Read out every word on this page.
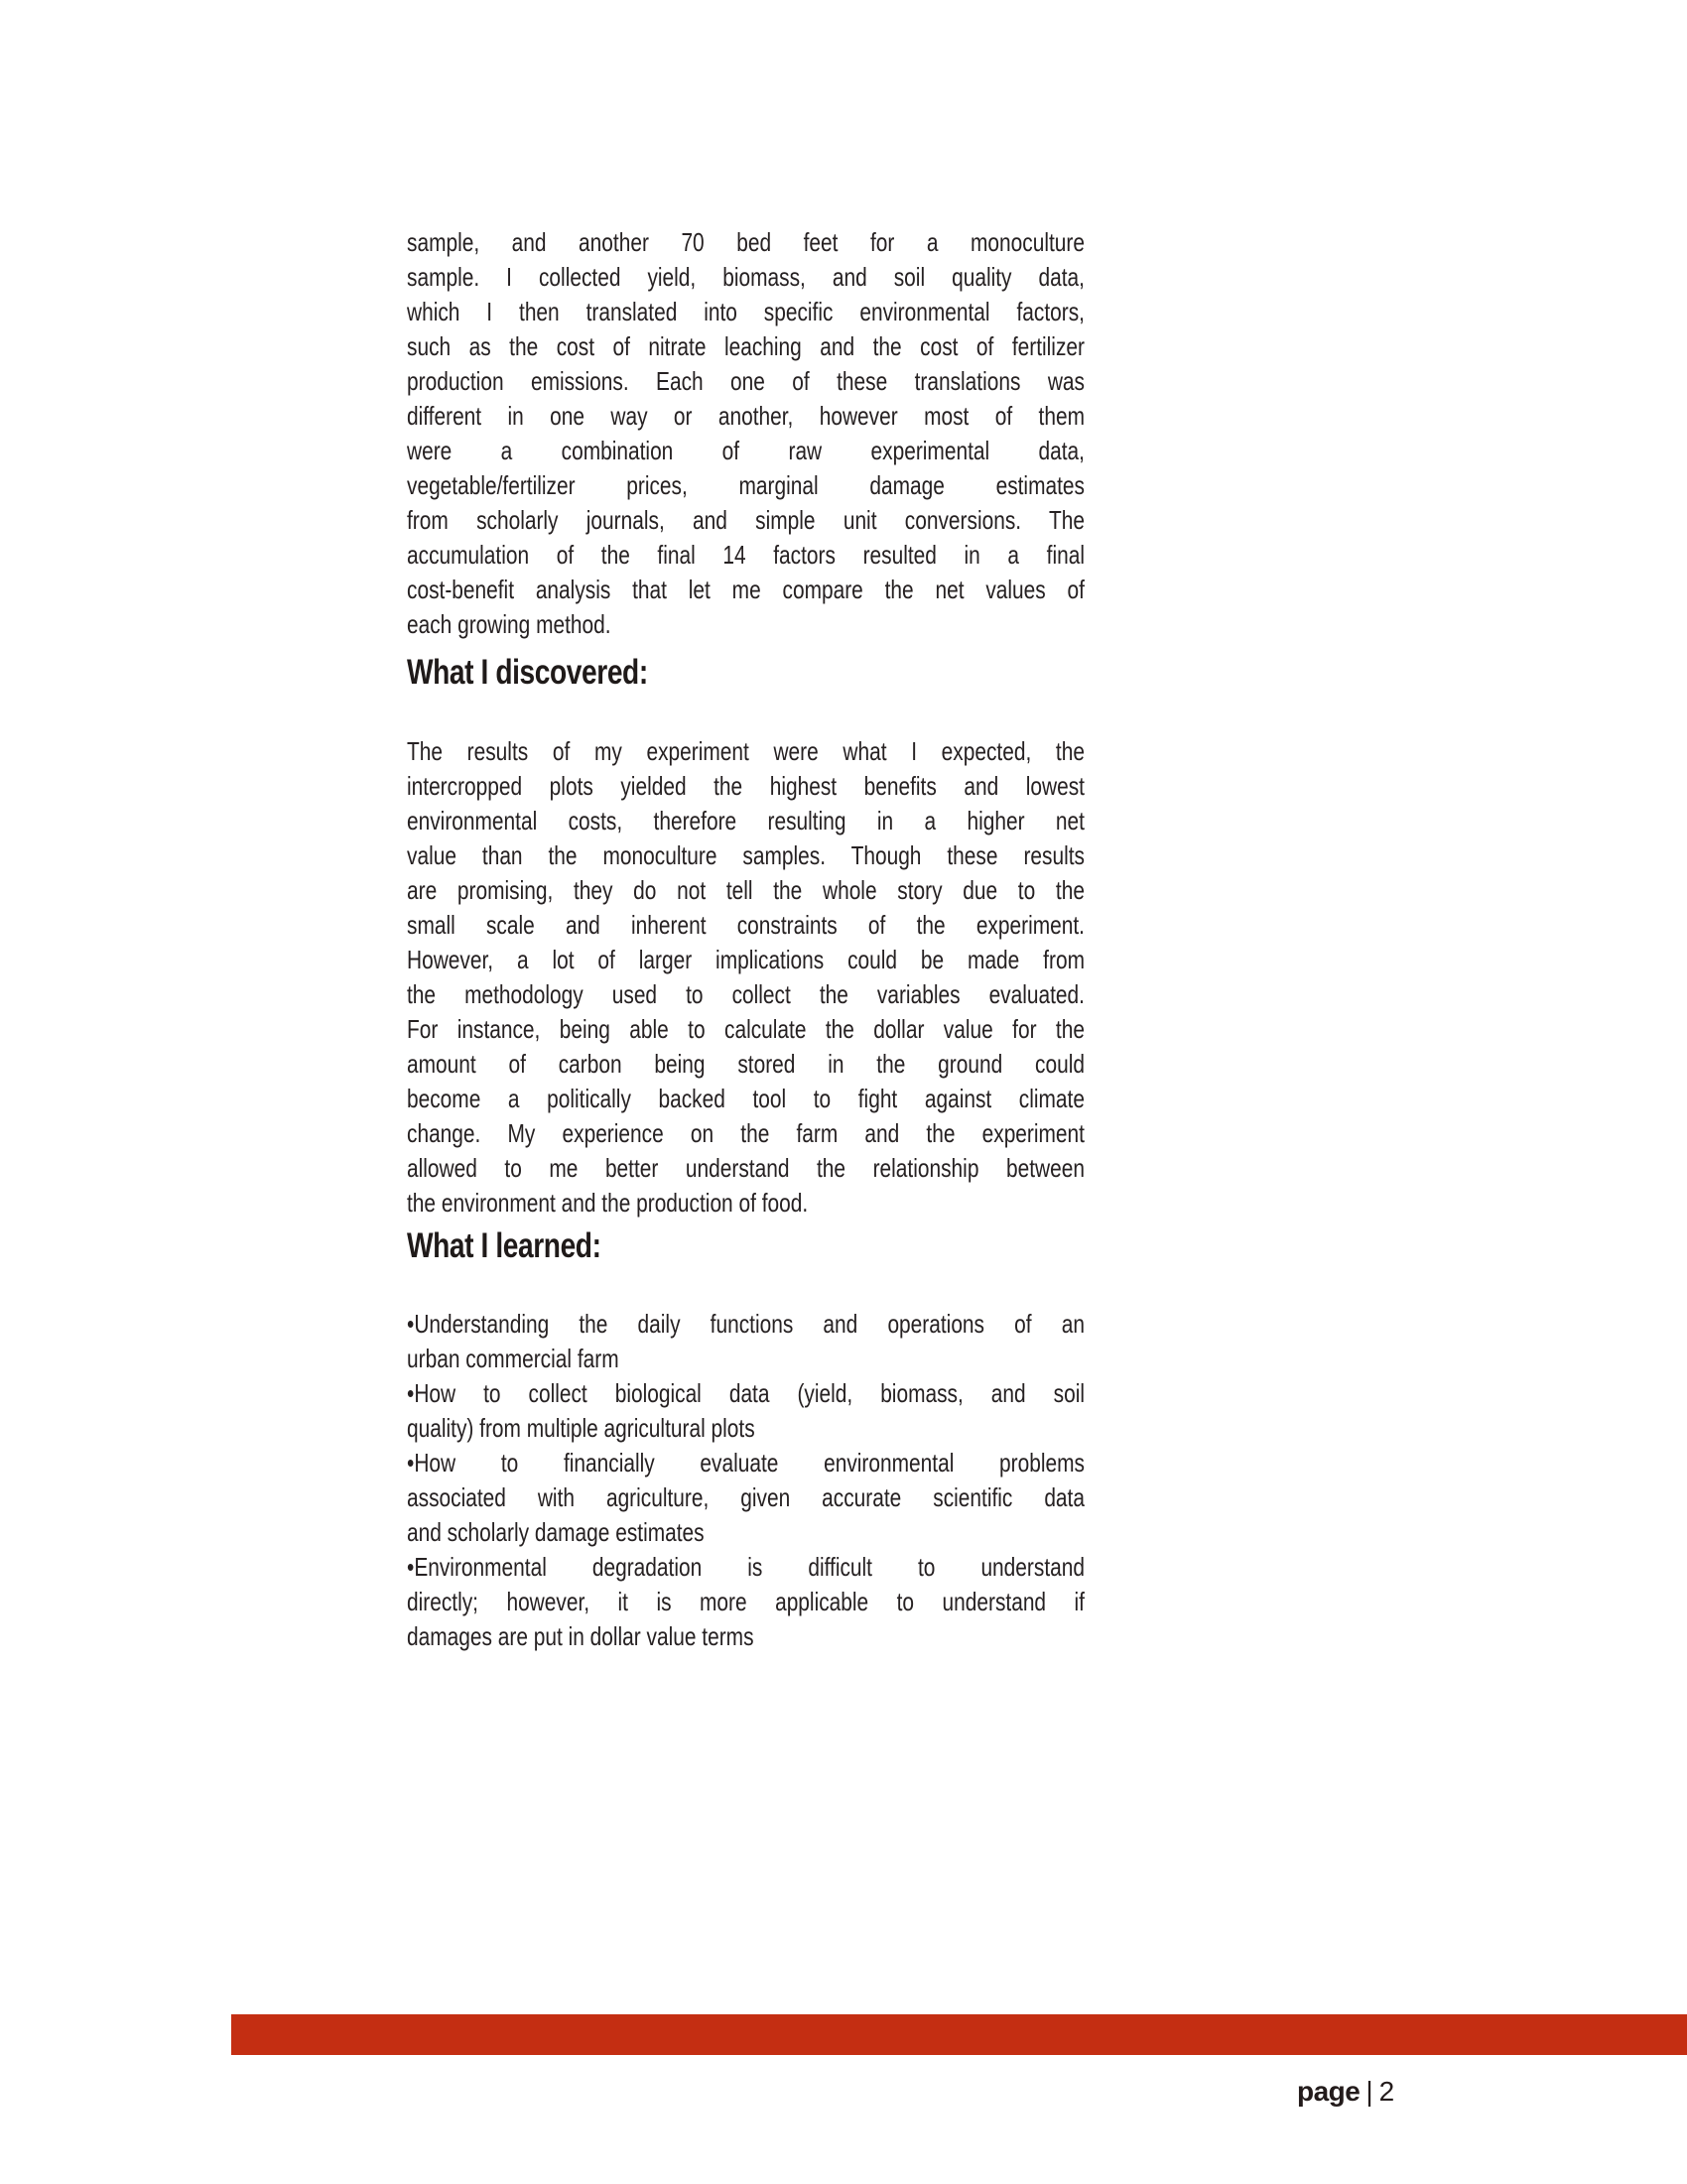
sample, and another 70 bed feet for a monoculture
sample. I collected yield, biomass, and soil quality data,
which I then translated into specific environmental factors,
such as the cost of nitrate leaching and the cost of fertilizer
production emissions. Each one of these translations was
different in one way or another, however most of them
were a combination of raw experimental data,
vegetable/fertilizer prices, marginal damage estimates
from scholarly journals, and simple unit conversions. The
accumulation of the final 14 factors resulted in a final
cost-benefit analysis that let me compare the net values of
each growing method.
What I discovered:
The results of my experiment were what I expected, the
intercropped plots yielded the highest benefits and lowest
environmental costs, therefore resulting in a higher net
value than the monoculture samples. Though these results
are promising, they do not tell the whole story due to the
small scale and inherent constraints of the experiment.
However, a lot of larger implications could be made from
the methodology used to collect the variables evaluated.
For instance, being able to calculate the dollar value for the
amount of carbon being stored in the ground could
become a politically backed tool to fight against climate
change. My experience on the farm and the experiment
allowed to me better understand the relationship between
the environment and the production of food.
What I learned:
•Understanding the daily functions and operations of an
urban commercial farm
•How to collect biological data (yield, biomass, and soil
quality) from multiple agricultural plots
•How to financially evaluate environmental problems
associated with agriculture, given accurate scientific data
and scholarly damage estimates
•Environmental degradation is difficult to understand
directly; however, it is more applicable to understand if
damages are put in dollar value terms
page | 2
